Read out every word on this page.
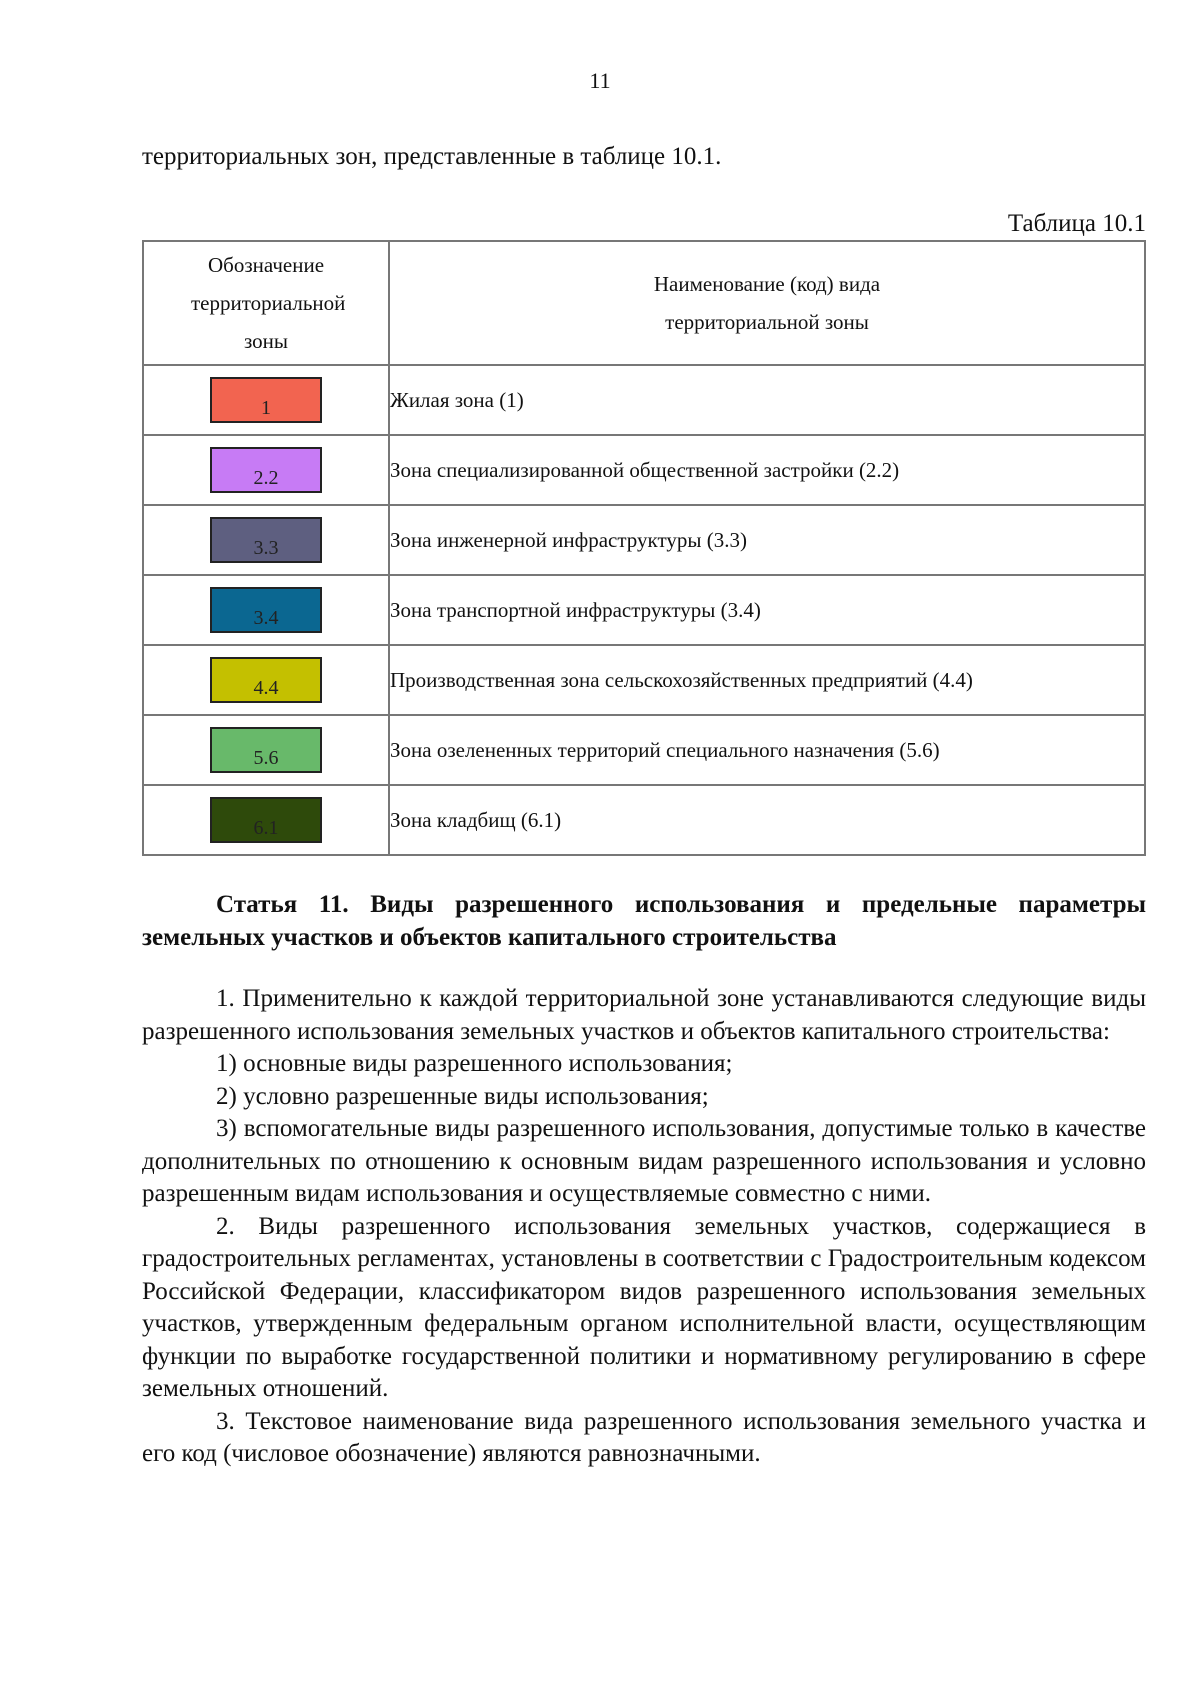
11
территориальных зон, представленные в таблице 10.1.
Таблица 10.1
Обозначение территориальной зоны	Наименование (код) вида территориальной зоны

1	Жилая зона (1)
2.2	Зона специализированной общественной застройки (2.2)
3.3	Зона инженерной инфраструктуры (3.3)
3.4	Зона транспортной инфраструктуры (3.4)
4.4	Производственная зона сельскохозяйственных предприятий (4.4)
5.6	Зона озелененных территорий специального назначения (5.6)
6.1	Зона кладбищ (6.1)

Статья 11. Виды разрешенного использования и предельные параметры земельных участков и объектов капитального строительства

1. Применительно к каждой территориальной зоне устанавливаются следующие виды разрешенного использования земельных участков и объектов капитального строительства:

1) основные виды разрешенного использования;

2) условно разрешенные виды использования;

3) вспомогательные виды разрешенного использования, допустимые только в качестве дополнительных по отношению к основным видам разрешенного использования и условно разрешенным видам использования и осуществляемые совместно с ними.

2. Виды разрешенного использования земельных участков, содержащиеся в градостроительных регламентах, установлены в соответствии с Градостроительным кодексом Российской Федерации, классификатором видов разрешенного использования земельных участков, утвержденным федеральным органом исполнительной власти, осуществляющим функции по выработке государственной политики и нормативному регулированию в сфере земельных отношений.

3. Текстовое наименование вида разрешенного использования земельного участка и его код (числовое обозначение) являются равнозначными.
